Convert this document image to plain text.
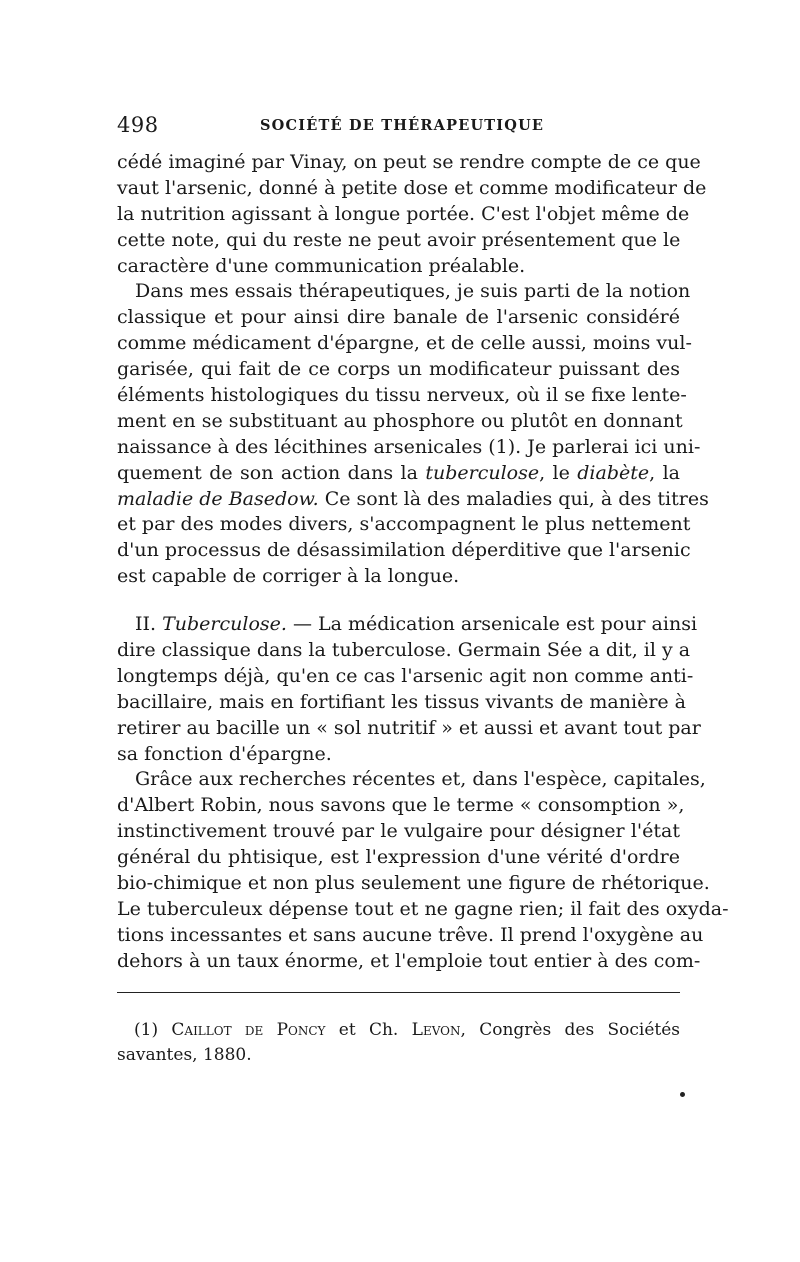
498	SOCIÉTÉ DE THÉRAPEUTIQUE
cédé imaginé par Vinay, on peut se rendre compte de ce que
vaut l'arsenic, donné à petite dose et comme modificateur de
la nutrition agissant à longue portée. C'est l'objet même de
cette note, qui du reste ne peut avoir présentement que le
caractère d'une communication préalable.
Dans mes essais thérapeutiques, je suis parti de la notion
classique et pour ainsi dire banale de l'arsenic considéré
comme médicament d'épargne, et de celle aussi, moins vul-
garisée, qui fait de ce corps un modificateur puissant des
éléments histologiques du tissu nerveux, où il se fixe lente-
ment en se substituant au phosphore ou plutôt en donnant
naissance à des lécithines arsenicales (1). Je parlerai ici uni-
quement de son action dans la tuberculose, le diabète, la
maladie de Basedow. Ce sont là des maladies qui, à des titres
et par des modes divers, s'accompagnent le plus nettement
d'un processus de désassimilation déperditive que l'arsenic
est capable de corriger à la longue.
II. Tuberculose. — La médication arsenicale est pour ainsi
dire classique dans la tuberculose. Germain Sée a dit, il y a
longtemps déjà, qu'en ce cas l'arsenic agit non comme anti-
bacillaire, mais en fortifiant les tissus vivants de manière à
retirer au bacille un « sol nutritif » et aussi et avant tout par
sa fonction d'épargne.
Grâce aux recherches récentes et, dans l'espèce, capitales,
d'Albert Robin, nous savons que le terme « consomption »,
instinctivement trouvé par le vulgaire pour désigner l'état
général du phtisique, est l'expression d'une vérité d'ordre
bio-chimique et non plus seulement une figure de rhétorique.
Le tuberculeux dépense tout et ne gagne rien; il fait des oxyda-
tions incessantes et sans aucune trêve. Il prend l'oxygène au
dehors à un taux énorme, et l'emploie tout entier à des com-
(1) Caillot de Poncy et Ch. Levon, Congrès des Sociétés
savantes, 1880.
